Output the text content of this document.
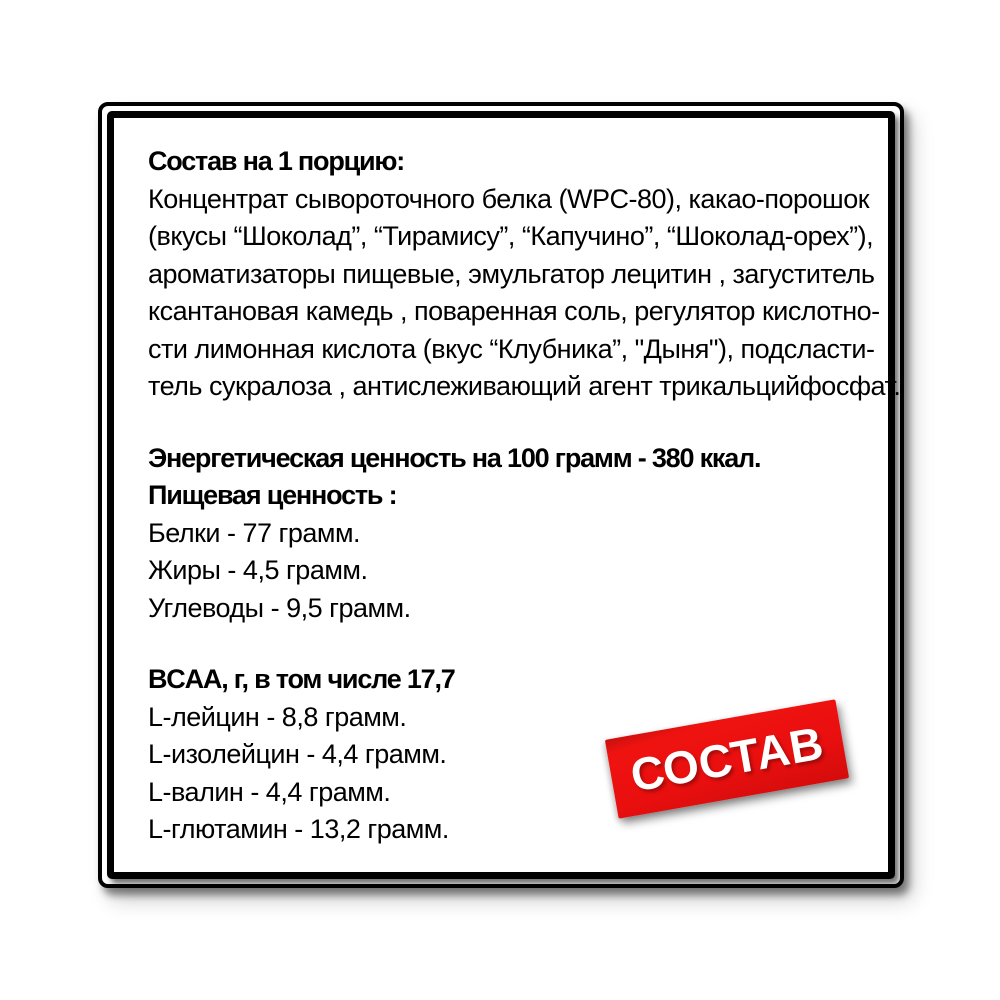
Состав на 1 порцию:
Концентрат сывороточного белка (WPC-80), какао-порошок
(вкусы “Шоколад”, “Тирамису”, “Капучино”, “Шоколад-орех”),
ароматизаторы пищевые, эмульгатор лецитин , загуститель
ксантановая камедь , поваренная соль, регулятор кислотно-
сти лимонная кислота (вкус “Клубника”, "Дыня"), подсласти-
тель сукралоза , антислеживающий агент трикальцийфосфат.
Энергетическая ценность на 100 грамм - 380 ккал.
Пищевая ценность :
Белки - 77 грамм.
Жиры - 4,5 грамм.
Углеводы - 9,5 грамм.
BCAA, г, в том числе 17,7
L-лейцин - 8,8 грамм.
L-изолейцин - 4,4 грамм.
L-валин - 4,4 грамм.
L-глютамин - 13,2 грамм.
СОСТАВ
